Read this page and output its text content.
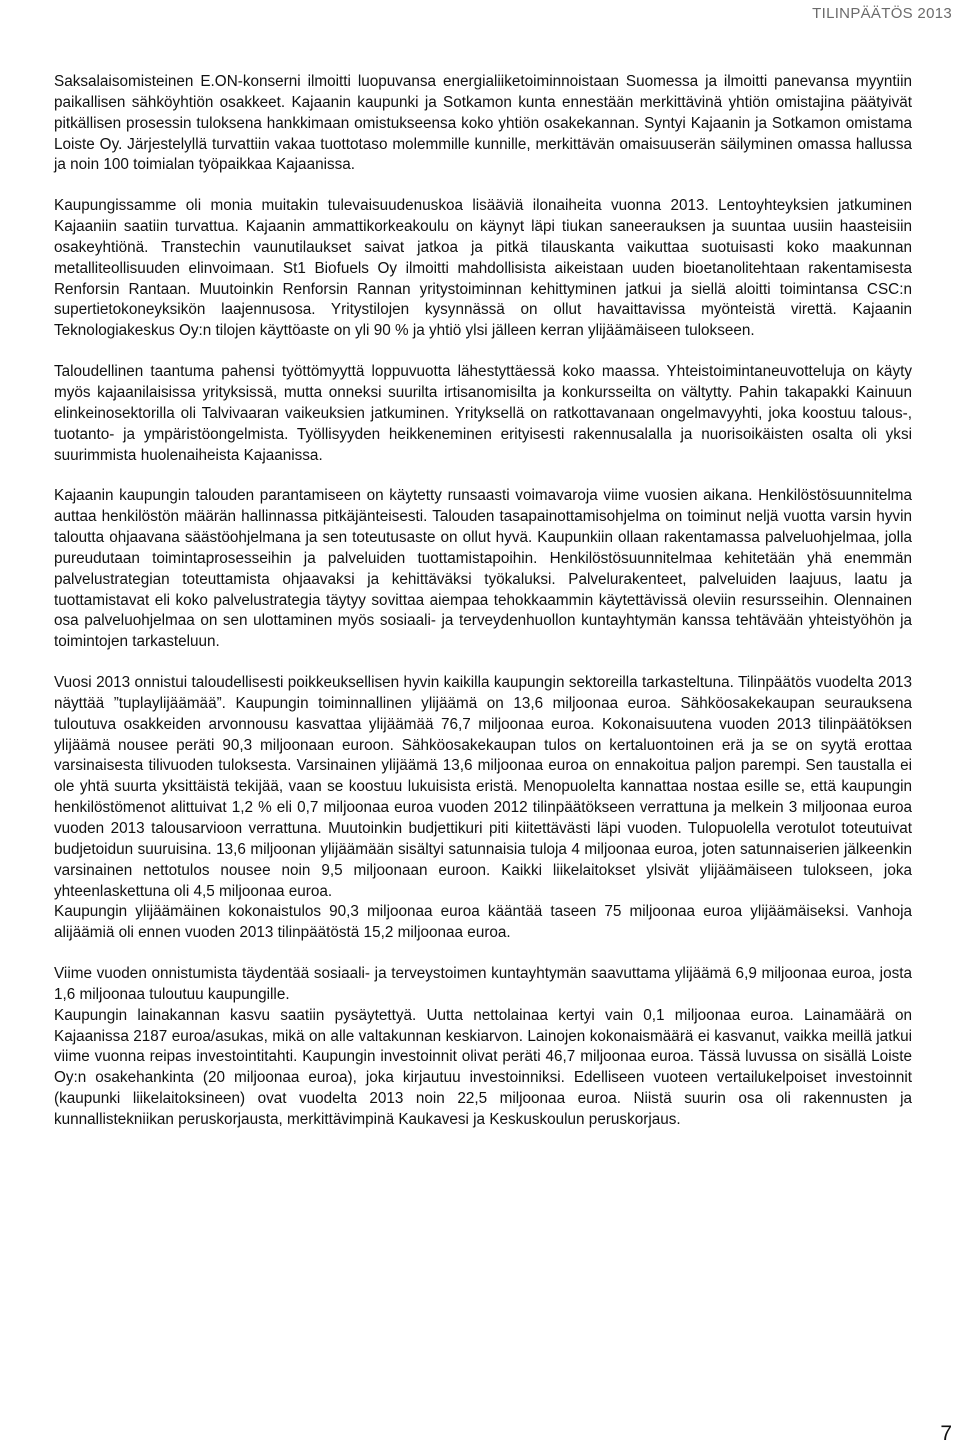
TILINPÄÄTÖS 2013

Saksalaisomisteinen E.ON-konserni ilmoitti luopuvansa energialiiketoiminnoistaan Suomessa ja ilmoitti panevansa myyntiin paikallisen sähköyhtiön osakkeet. Kajaanin kaupunki ja Sotkamon kunta ennestään merkittävinä yhtiön omistajina päätyivät pitkällisen prosessin tuloksena hankkimaan omistukseensa koko yhtiön osakekannan. Syntyi Kajaanin ja Sotkamon omistama Loiste Oy. Järjestelyllä turvattiin vakaa tuottotaso molemmille kunnille, merkittävän omaisuuserän säilyminen omassa hallussa ja noin 100 toimialan työpaikkaa Kajaanissa.

Kaupungissamme oli monia muitakin tulevaisuudenuskoa lisääviä ilonaiheita vuonna 2013. Lentoyhteyksien jatkuminen Kajaaniin saatiin turvattua. Kajaanin ammattikorkeakoulu on käynyt läpi tiukan saneerauksen ja suuntaa uusiin haasteisiin osakeyhtiönä. Transtechin vaunutilaukset saivat jatkoa ja pitkä tilauskanta vaikuttaa suotuisasti koko maakunnan metalliteollisuuden elinvoimaan. St1 Biofuels Oy ilmoitti mahdollisista aikeistaan uuden bioetanolitehtaan rakentamisesta Renforsin Rantaan. Muutoinkin Renforsin Rannan yritystoiminnan kehittyminen jatkui ja siellä aloitti toimintansa CSC:n supertietokoneyksikön laajennusosa. Yritystilojen kysynnässä on ollut havaittavissa myönteistä virettä. Kajaanin Teknologiakeskus Oy:n tilojen käyttöaste on yli 90 % ja yhtiö ylsi jälleen kerran ylijäämäiseen tulokseen.

Taloudellinen taantuma pahensi työttömyyttä loppuvuotta lähestyttäessä koko maassa. Yhteistoimintaneuvotteluja on käyty myös kajaanilaisissa yrityksissä, mutta onneksi suurilta irtisanomisilta ja konkursseilta on vältytty. Pahin takapakki Kainuun elinkeinosektorilla oli Talvivaaran vaikeuksien jatkuminen. Yrityksellä on ratkottavanaan ongelmavyyhti, joka koostuu talous-, tuotanto- ja ympäristöongelmista. Työllisyyden heikkeneminen erityisesti rakennusalalla ja nuorisoikäisten osalta oli yksi suurimmista huolenaiheista Kajaanissa.

Kajaanin kaupungin talouden parantamiseen on käytetty runsaasti voimavaroja viime vuosien aikana. Henkilöstösuunnitelma auttaa henkilöstön määrän hallinnassa pitkäjänteisesti. Talouden tasapainottamisohjelma on toiminut neljä vuotta varsin hyvin taloutta ohjaavana säästöohjelmana ja sen toteutusaste on ollut hyvä. Kaupunkiin ollaan rakentamassa palveluohjelmaa, jolla pureudutaan toimintaprosesseihin ja palveluiden tuottamistapoihin. Henkilöstösuunnitelmaa kehitetään yhä enemmän palvelustrategian toteuttamista ohjaavaksi ja kehittäväksi työkaluksi. Palvelurakenteet, palveluiden laajuus, laatu ja tuottamistavat eli koko palvelustrategia täytyy sovittaa aiempaa tehokkaammin käytettävissä oleviin resursseihin. Olennainen osa palveluohjelmaa on sen ulottaminen myös sosiaali- ja terveydenhuollon kuntayhtymän kanssa tehtävään yhteistyöhön ja toimintojen tarkasteluun.

Vuosi 2013 onnistui taloudellisesti poikkeuksellisen hyvin kaikilla kaupungin sektoreilla tarkasteltuna. Tilinpäätös vuodelta 2013 näyttää ”tuplaylijäämää”. Kaupungin toiminnallinen ylijäämä on 13,6 miljoonaa euroa. Sähköosakekaupan seurauksena tuloutuva osakkeiden arvonnousu kasvattaa ylijäämää 76,7 miljoonaa euroa. Kokonaisuutena vuoden 2013 tilinpäätöksen ylijäämä nousee peräti 90,3 miljoonaan euroon. Sähköosakekaupan tulos on kertaluontoinen erä ja se on syytä erottaa varsinaisesta tilivuoden tuloksesta. Varsinainen ylijäämä 13,6 miljoonaa euroa on ennakoitua paljon parempi. Sen taustalla ei ole yhtä suurta yksittäistä tekijää, vaan se koostuu lukuisista eristä. Menopuolelta kannattaa nostaa esille se, että kaupungin henkilöstömenot alittuivat 1,2 % eli 0,7 miljoonaa euroa vuoden 2012 tilinpäätökseen verrattuna ja melkein 3 miljoonaa euroa vuoden 2013 talousarvioon verrattuna. Muutoinkin budjettikuri piti kiitettävästi läpi vuoden. Tulopuolella verotulot toteutuivat budjetoidun suuruisina. 13,6 miljoonan ylijäämään sisältyi satunnaisia tuloja 4 miljoonaa euroa, joten satunnaiserien jälkeenkin varsinainen nettotulos nousee noin 9,5 miljoonaan euroon. Kaikki liikelaitokset ylsivät ylijäämäiseen tulokseen, joka yhteenlaskettuna oli 4,5 miljoonaa euroa.

Kaupungin ylijäämäinen kokonaistulos 90,3 miljoonaa euroa kääntää taseen 75 miljoonaa euroa ylijäämäiseksi. Vanhoja alijäämiä oli ennen vuoden 2013 tilinpäätöstä 15,2 miljoonaa euroa.

Viime vuoden onnistumista täydentää sosiaali- ja terveystoimen kuntayhtymän saavuttama ylijäämä 6,9 miljoonaa euroa, josta 1,6 miljoonaa tuloutuu kaupungille.

Kaupungin lainakannan kasvu saatiin pysäytettyä. Uutta nettolainaa kertyi vain 0,1 miljoonaa euroa. Lainamäärä on Kajaanissa 2187 euroa/asukas, mikä on alle valtakunnan keskiarvon. Lainojen kokonaismäärä ei kasvanut, vaikka meillä jatkui viime vuonna reipas investointitahti. Kaupungin investoinnit olivat peräti 46,7 miljoonaa euroa. Tässä luvussa on sisällä Loiste Oy:n osakehankinta (20 miljoonaa euroa), joka kirjautuu investoinniksi. Edelliseen vuoteen vertailukelpoiset investoinnit (kaupunki liikelaitoksineen) ovat vuodelta 2013 noin 22,5 miljoonaa euroa. Niistä suurin osa oli rakennusten ja kunnallistekniikan peruskorjausta, merkittävimpinä Kaukavesi ja Keskuskoulun peruskorjaus.

7
